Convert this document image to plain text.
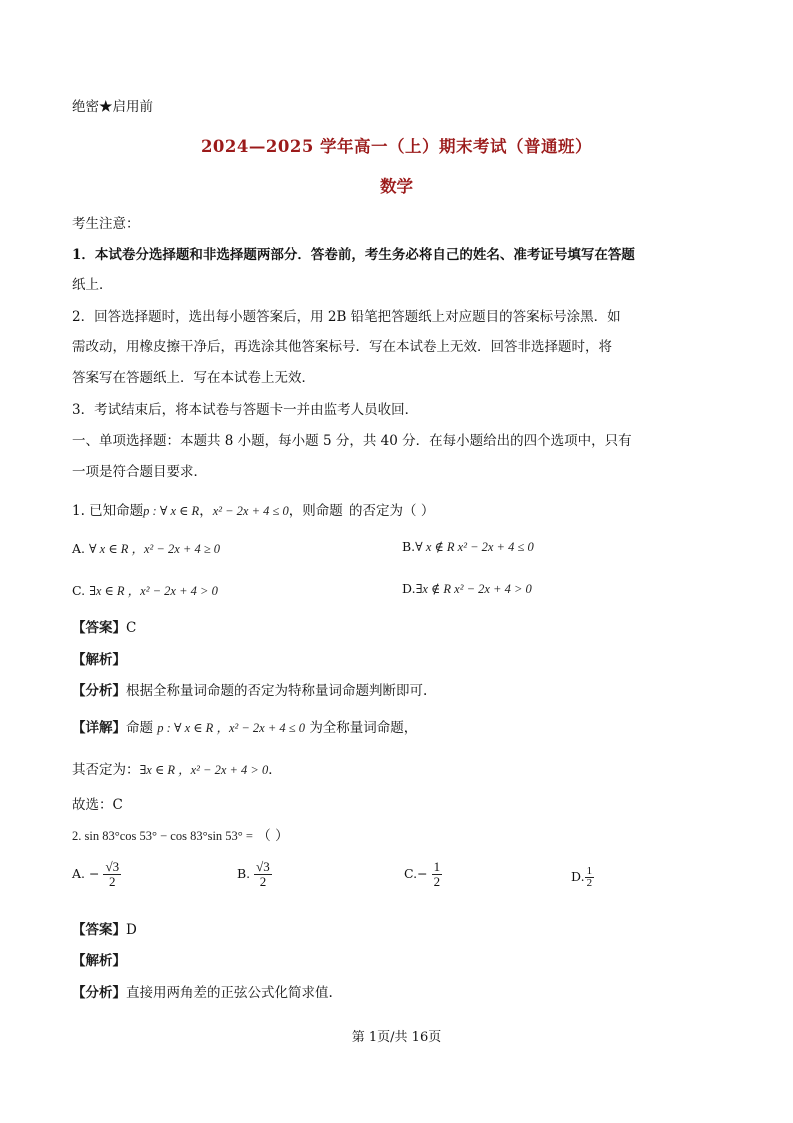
绝密★启用前
2024—2025 学年高一（上）期末考试（普通班）
数学
考生注意：
1．本试卷分选择题和非选择题两部分．答卷前，考生务必将自己的姓名、准考证号填写在答题
纸上．
2．回答选择题时，选出每小题答案后，用 2B 铅笔把答题纸上对应题目的答案标号涂黑．如
需改动，用橡皮擦干净后，再选涂其他答案标号．写在本试卷上无效．回答非选择题时，将
答案写在答题纸上．写在本试卷上无效．
3．考试结束后，将本试卷与答题卡一并由监考人员收回．
一、单项选择题：本题共 8 小题，每小题 5 分，共 40 分．在每小题给出的四个选项中，只有
一项是符合题目要求．
1. 已知命题p : ∀ x ∈ R，x² − 2x + 4 ≤ 0，则命题p的否定为（ ）
A. ∀ x ∈ R ，x² − 2x + 4 ≥ 0	B.∀ x ∉ R x² − 2x + 4 ≤ 0
C. ∃x ∈ R ，x² − 2x + 4 > 0	D.∃x ∉ R x² − 2x + 4 > 0
【答案】C
【解析】
【分析】根据全称量词命题的否定为特称量词命题判断即可.
【详解】命题 p : ∀ x ∈ R ，x² − 2x + 4 ≤ 0 为全称量词命题，
其否定为：∃x ∈ R ，x² − 2x + 4 > 0．
故选：C
2. sin 83°cos 53° − cos 83°sin 53° = （ ）
A. − $\frac{√3}{2}$	B. $\frac{√3}{2}$	$C.- \frac{1}{2}$	D. $\frac{1}{2}$
【答案】D
【解析】
【分析】直接用两角差的正弦公式化简求值.
第 1页/共 16页
